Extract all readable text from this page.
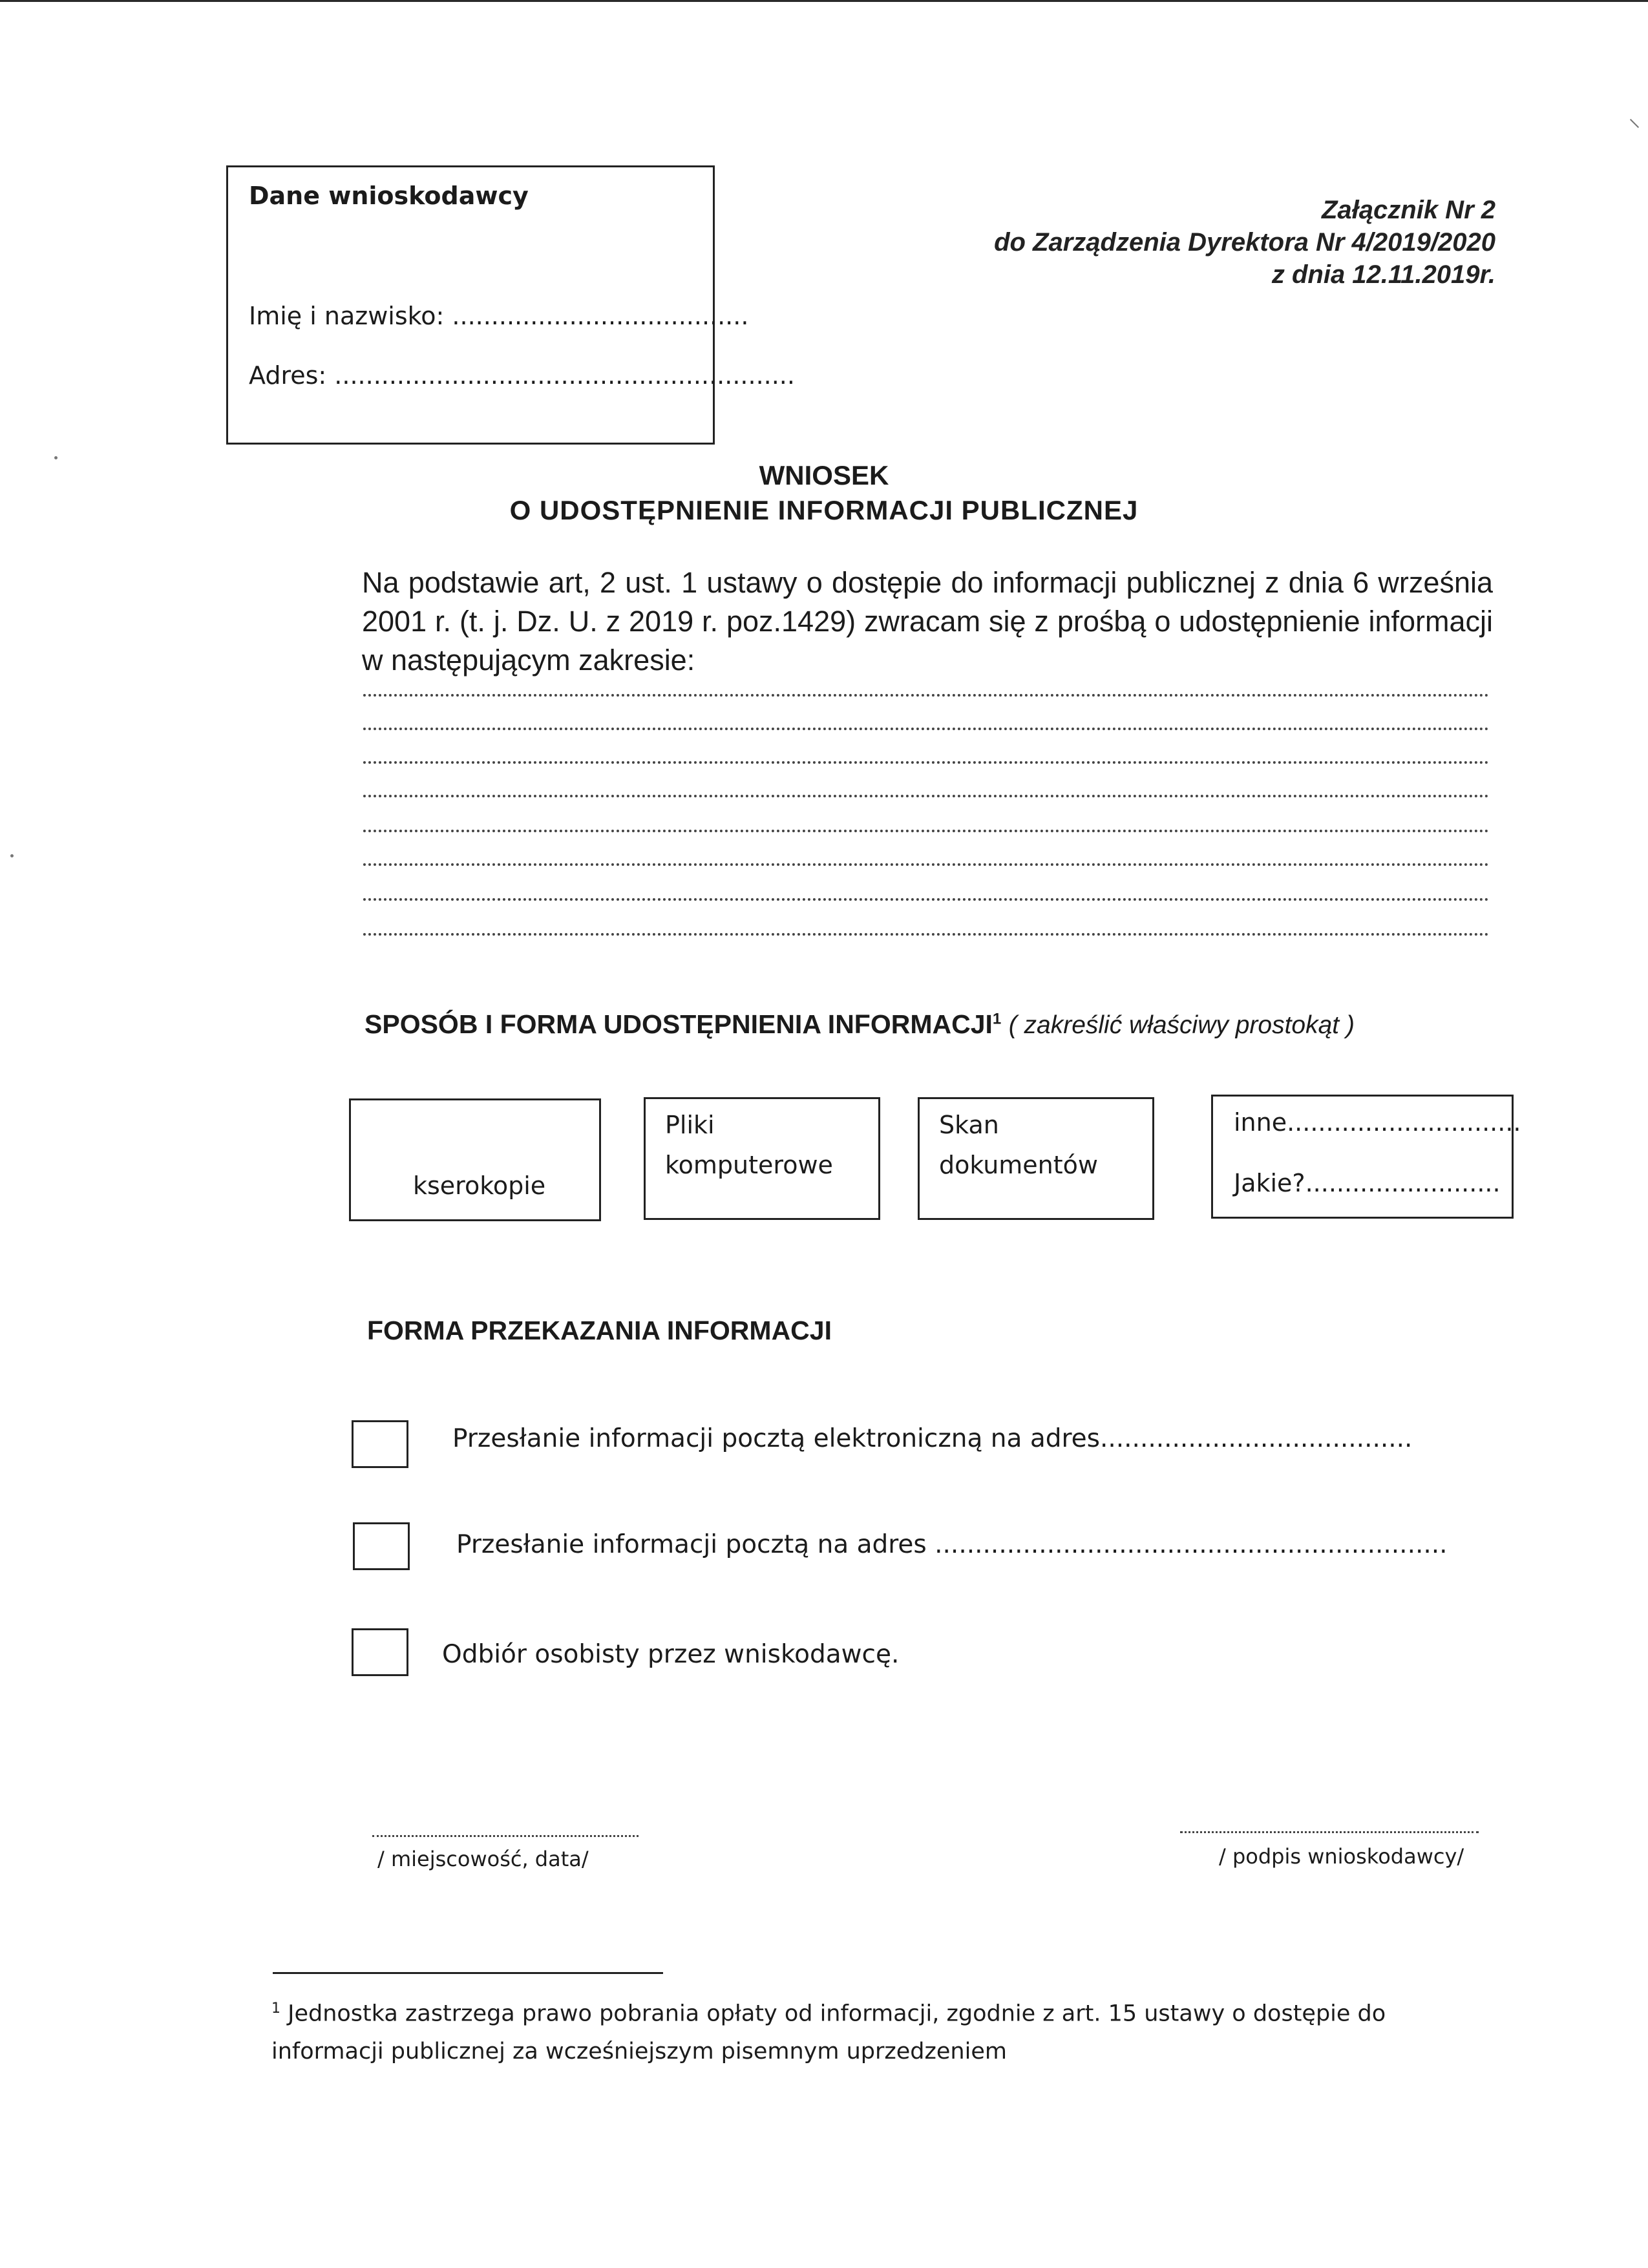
Dane wnioskodawcy
Imię i nazwisko: ......................................
Adres: ...........................................................
Załącznik Nr 2
do Zarządzenia Dyrektora Nr 4/2019/2020
z dnia 12.11.2019r.
WNIOSEK
O UDOSTĘPNIENIE INFORMACJI PUBLICZNEJ
Na podstawie art, 2 ust. 1 ustawy o dostępie do informacji publicznej z dnia 6 września 2001 r. (t. j. Dz. U. z 2019 r. poz.1429) zwracam się z prośbą o udostępnienie informacji w następującym zakresie:
SPOSÓB I FORMA UDOSTĘPNIENIA INFORMACJI$^1$ ( zakreślić właściwy prostokąt )
kserokopie
Pliki
komputerowe
Skan
dokumentów
inne..............................
Jakie?.........................
FORMA PRZEKAZANIA INFORMACJI
Przesłanie informacji pocztą elektroniczną na adres.......................................
Przesłanie informacji pocztą na adres ................................................................
Odbiór osobisty przez wniskodawcę.
/ miejscowość, data/	/ podpis wnioskodawcy/
$^1$ Jednostka zastrzega prawo pobrania opłaty od informacji, zgodnie z art. 15 ustawy o dostępie do informacji publicznej za wcześniejszym pisemnym uprzedzeniem
